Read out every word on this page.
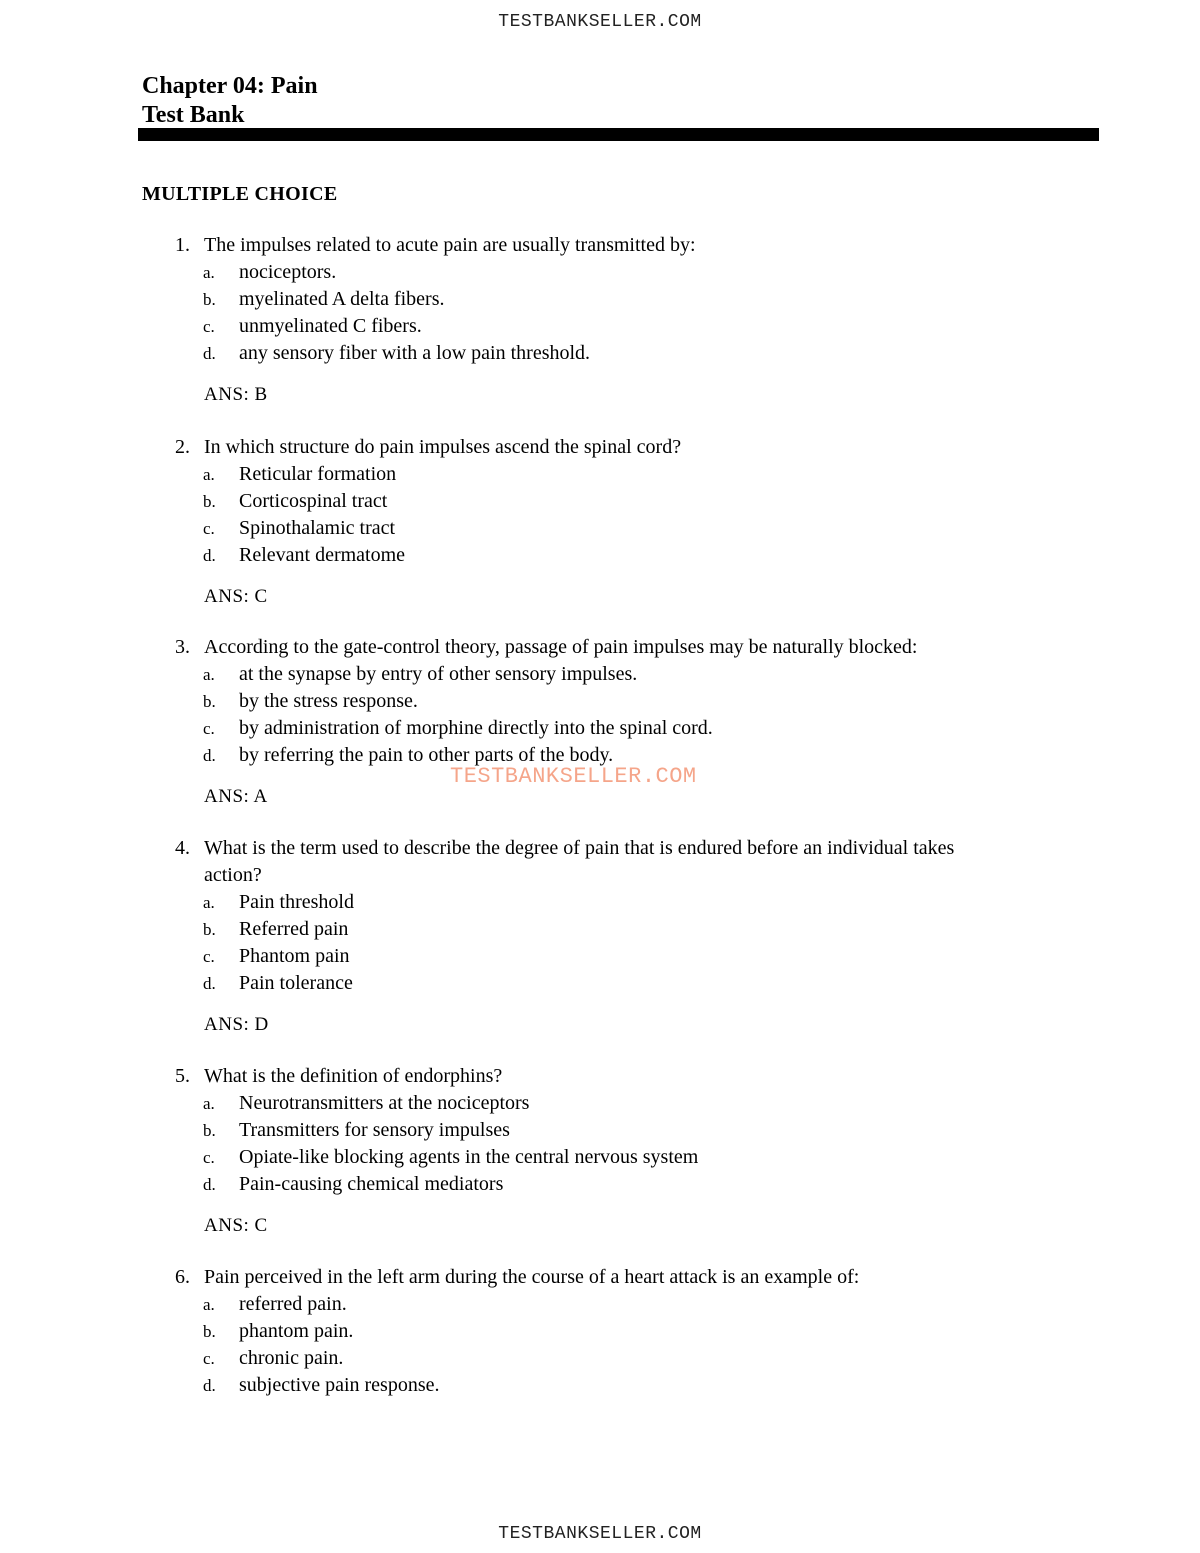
TESTBANKSELLER.COM
Chapter 04: Pain
Test Bank
MULTIPLE CHOICE
1. The impulses related to acute pain are usually transmitted by:
a. nociceptors.
b. myelinated A delta fibers.
c. unmyelinated C fibers.
d. any sensory fiber with a low pain threshold.
ANS: B
2. In which structure do pain impulses ascend the spinal cord?
a. Reticular formation
b. Corticospinal tract
c. Spinothalamic tract
d. Relevant dermatome
ANS: C
3. According to the gate-control theory, passage of pain impulses may be naturally blocked:
a. at the synapse by entry of other sensory impulses.
b. by the stress response.
c. by administration of morphine directly into the spinal cord.
d. by referring the pain to other parts of the body.
ANS: A
TESTBANKSELLER.COM
4. What is the term used to describe the degree of pain that is endured before an individual takes
action?
a. Pain threshold
b. Referred pain
c. Phantom pain
d. Pain tolerance
ANS: D
5. What is the definition of endorphins?
a. Neurotransmitters at the nociceptors
b. Transmitters for sensory impulses
c. Opiate-like blocking agents in the central nervous system
d. Pain-causing chemical mediators
ANS: C
6. Pain perceived in the left arm during the course of a heart attack is an example of:
a. referred pain.
b. phantom pain.
c. chronic pain.
d. subjective pain response.
TESTBANKSELLER.COM
